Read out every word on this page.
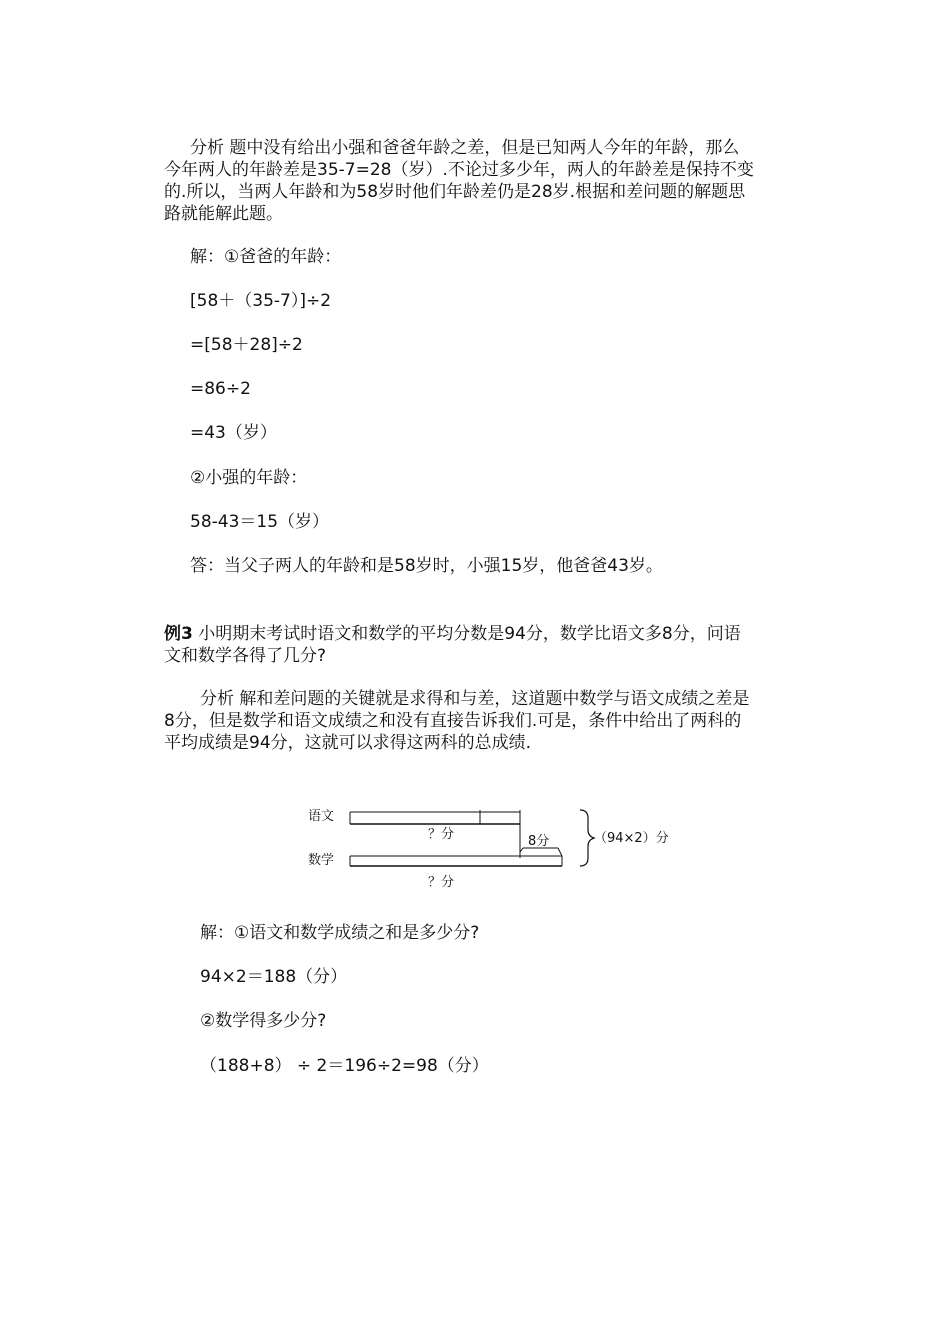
分析 题中没有给出小强和爸爸年龄之差，但是已知两人今年的年龄，那么
今年两人的年龄差是35-7=28（岁）.不论过多少年，两人的年龄差是保持不变
的.所以，当两人年龄和为58岁时他们年龄差仍是28岁.根据和差问题的解题思
路就能解此题。
解：①爸爸的年龄：
[58＋（35-7）]÷2
=[58＋28]÷2
=86÷2
=43（岁）
②小强的年龄：
58-43＝15（岁）
答：当父子两人的年龄和是58岁时，小强15岁，他爸爸43岁。
例3 小明期末考试时语文和数学的平均分数是94分，数学比语文多8分，问语
文和数学各得了几分?
分析 解和差问题的关键就是求得和与差，这道题中数学与语文成绩之差是
8分，但是数学和语文成绩之和没有直接告诉我们.可是，条件中给出了两科的
平均成绩是94分，这就可以求得这两科的总成绩.
语文
？分	8分
数学
？分
（94×2）分
解：①语文和数学成绩之和是多少分?
94×2＝188（分）
②数学得多少分?
（188+8） ÷ 2＝196÷2=98（分）
